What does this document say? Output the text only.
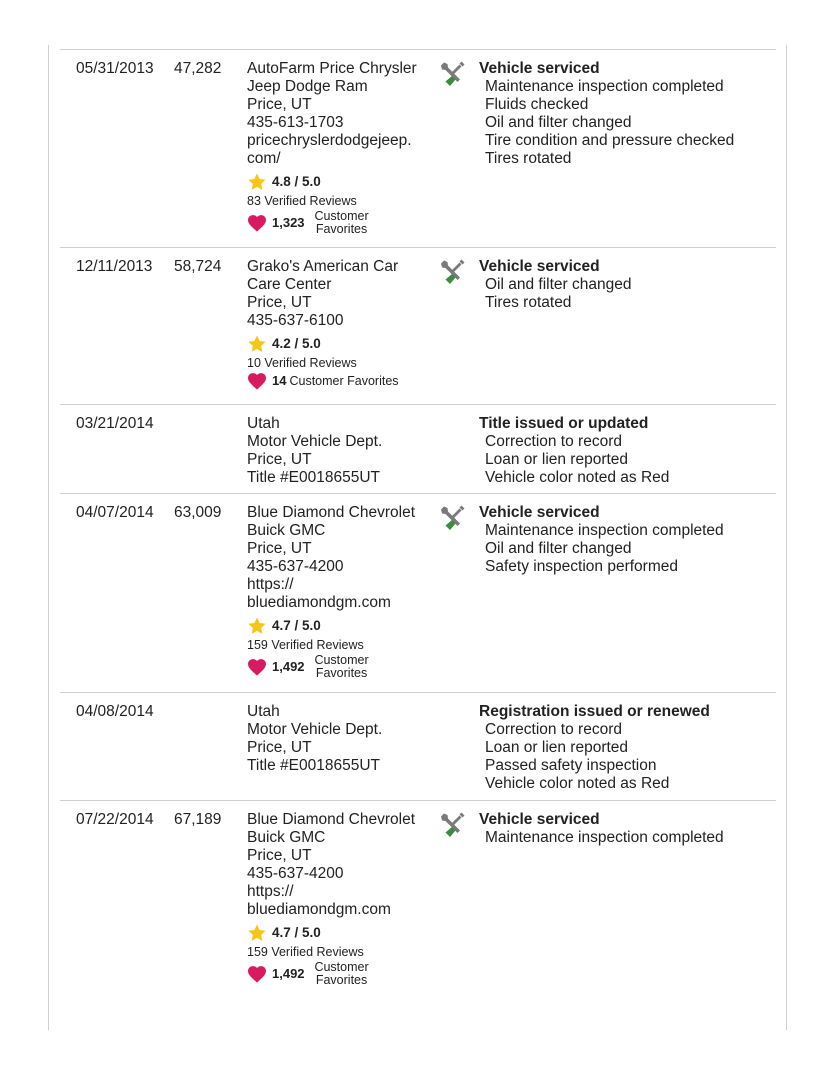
05/31/2013 47,282 AutoFarm Price Chrysler
Jeep Dodge Ram
Price, UT
435-613-1703
pricechryslerdodgejeep.
com/
4.8 / 5.0
83 Verified Reviews
1,323 Customer Favorites
Vehicle serviced
Maintenance inspection completed
Fluids checked
Oil and filter changed
Tire condition and pressure checked
Tires rotated
12/11/2013 58,724 Grako's American Car
Care Center
Price, UT
435-637-6100
4.2 / 5.0
10 Verified Reviews
14 Customer Favorites
Vehicle serviced
Oil and filter changed
Tires rotated
03/21/2014	Utah
Motor Vehicle Dept.
Price, UT
Title #E0018655UT
Title issued or updated
Correction to record
Loan or lien reported
Vehicle color noted as Red
04/07/2014 63,009 Blue Diamond Chevrolet
Buick GMC
Price, UT
435-637-4200
https://
bluediamondgm.com
4.7 / 5.0
159 Verified Reviews
1,492 Customer Favorites
Vehicle serviced
Maintenance inspection completed
Oil and filter changed
Safety inspection performed
04/08/2014	Utah
Motor Vehicle Dept.
Price, UT
Title #E0018655UT
Registration issued or renewed
Correction to record
Loan or lien reported
Passed safety inspection
Vehicle color noted as Red
07/22/2014 67,189 Blue Diamond Chevrolet
Buick GMC
Price, UT
435-637-4200
https://
bluediamondgm.com
4.7 / 5.0
159 Verified Reviews
1,492 Customer Favorites
Vehicle serviced
Maintenance inspection completed
